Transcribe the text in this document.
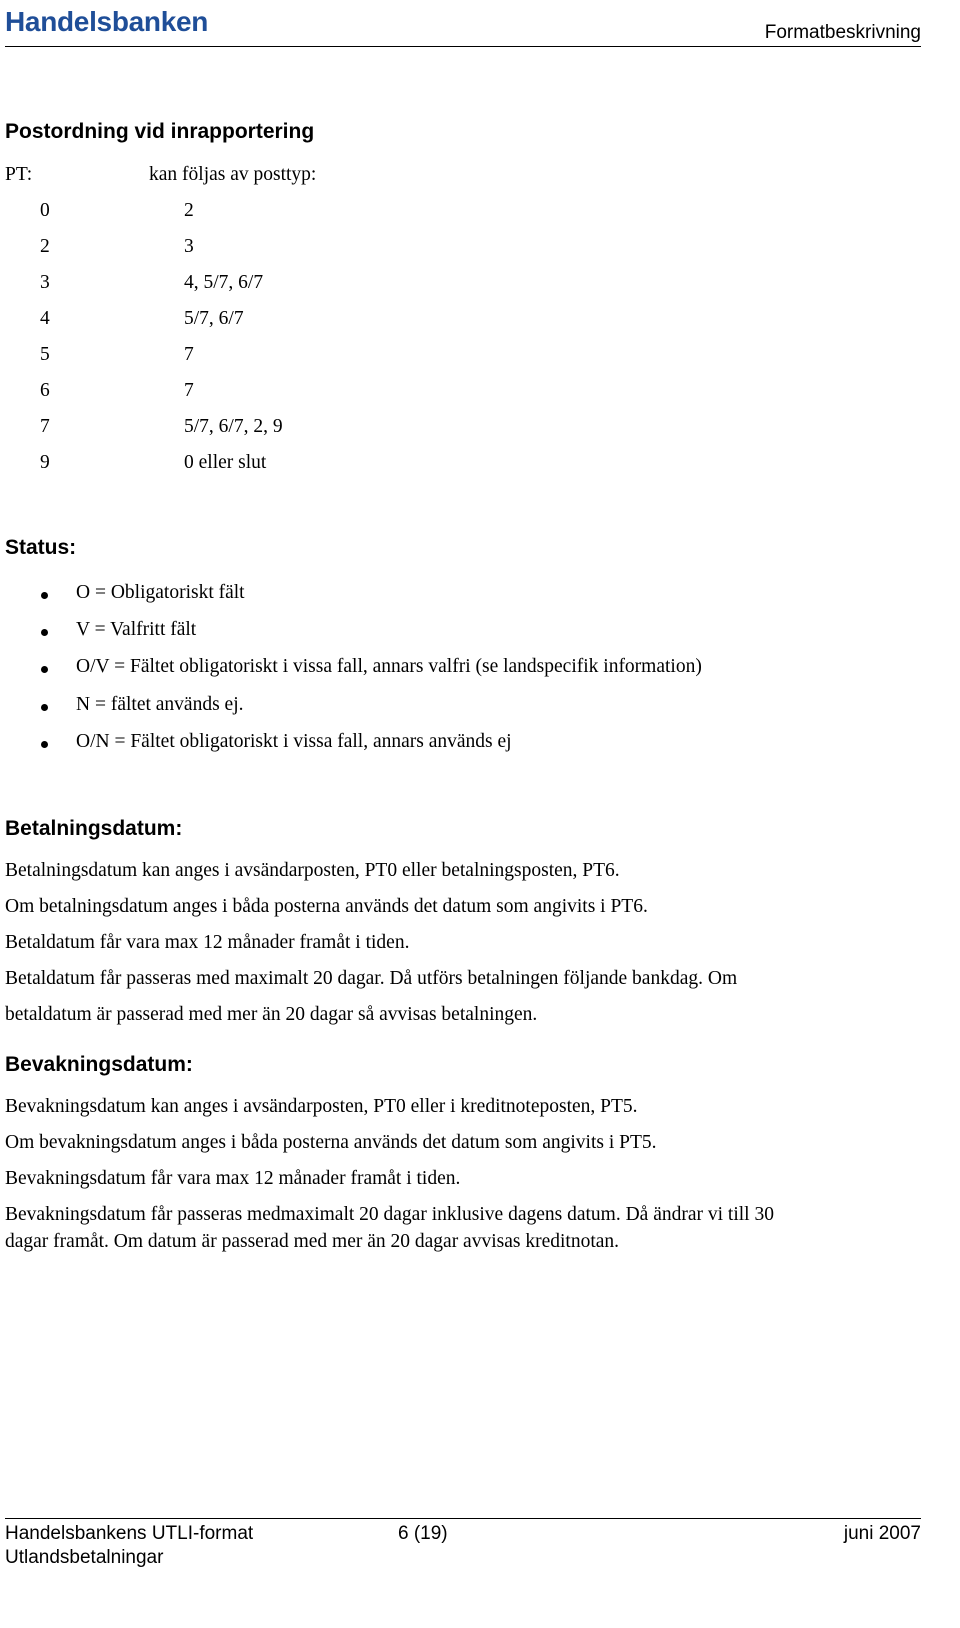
Handelsbanken	Formatbeskrivning
Postordning vid inrapportering
PT:	kan följas av posttyp:
0	2
2	3
3	4, 5/7, 6/7
4	5/7, 6/7
5	7
6	7
7	5/7, 6/7, 2, 9
9	0 eller slut
Status:
O = Obligatoriskt fält
V = Valfritt fält
O/V = Fältet obligatoriskt i vissa fall, annars valfri (se landspecifik information)
N = fältet används ej.
O/N = Fältet obligatoriskt i vissa fall, annars används ej
Betalningsdatum:
Betalningsdatum kan anges i avsändarposten, PT0 eller betalningsposten, PT6.
Om betalningsdatum anges i båda posterna används det datum som angivits i PT6.
Betaldatum får vara max 12 månader framåt i tiden.
Betaldatum får passeras med maximalt 20 dagar. Då utförs betalningen följande bankdag. Om
betaldatum är passerad med mer än 20 dagar så avvisas betalningen.
Bevakningsdatum:
Bevakningsdatum kan anges i avsändarposten, PT0 eller i kreditnoteposten, PT5.
Om bevakningsdatum anges i båda posterna används det datum som angivits i PT5.
Bevakningsdatum får vara max 12 månader framåt i tiden.
Bevakningsdatum får passeras medmaximalt 20 dagar inklusive dagens datum. Då ändrar vi till 30
dagar framåt. Om datum är passerad med mer än 20 dagar avvisas kreditnotan.
Handelsbankens UTLI-format
Utlandsbetalningar
6 (19)	juni 2007
